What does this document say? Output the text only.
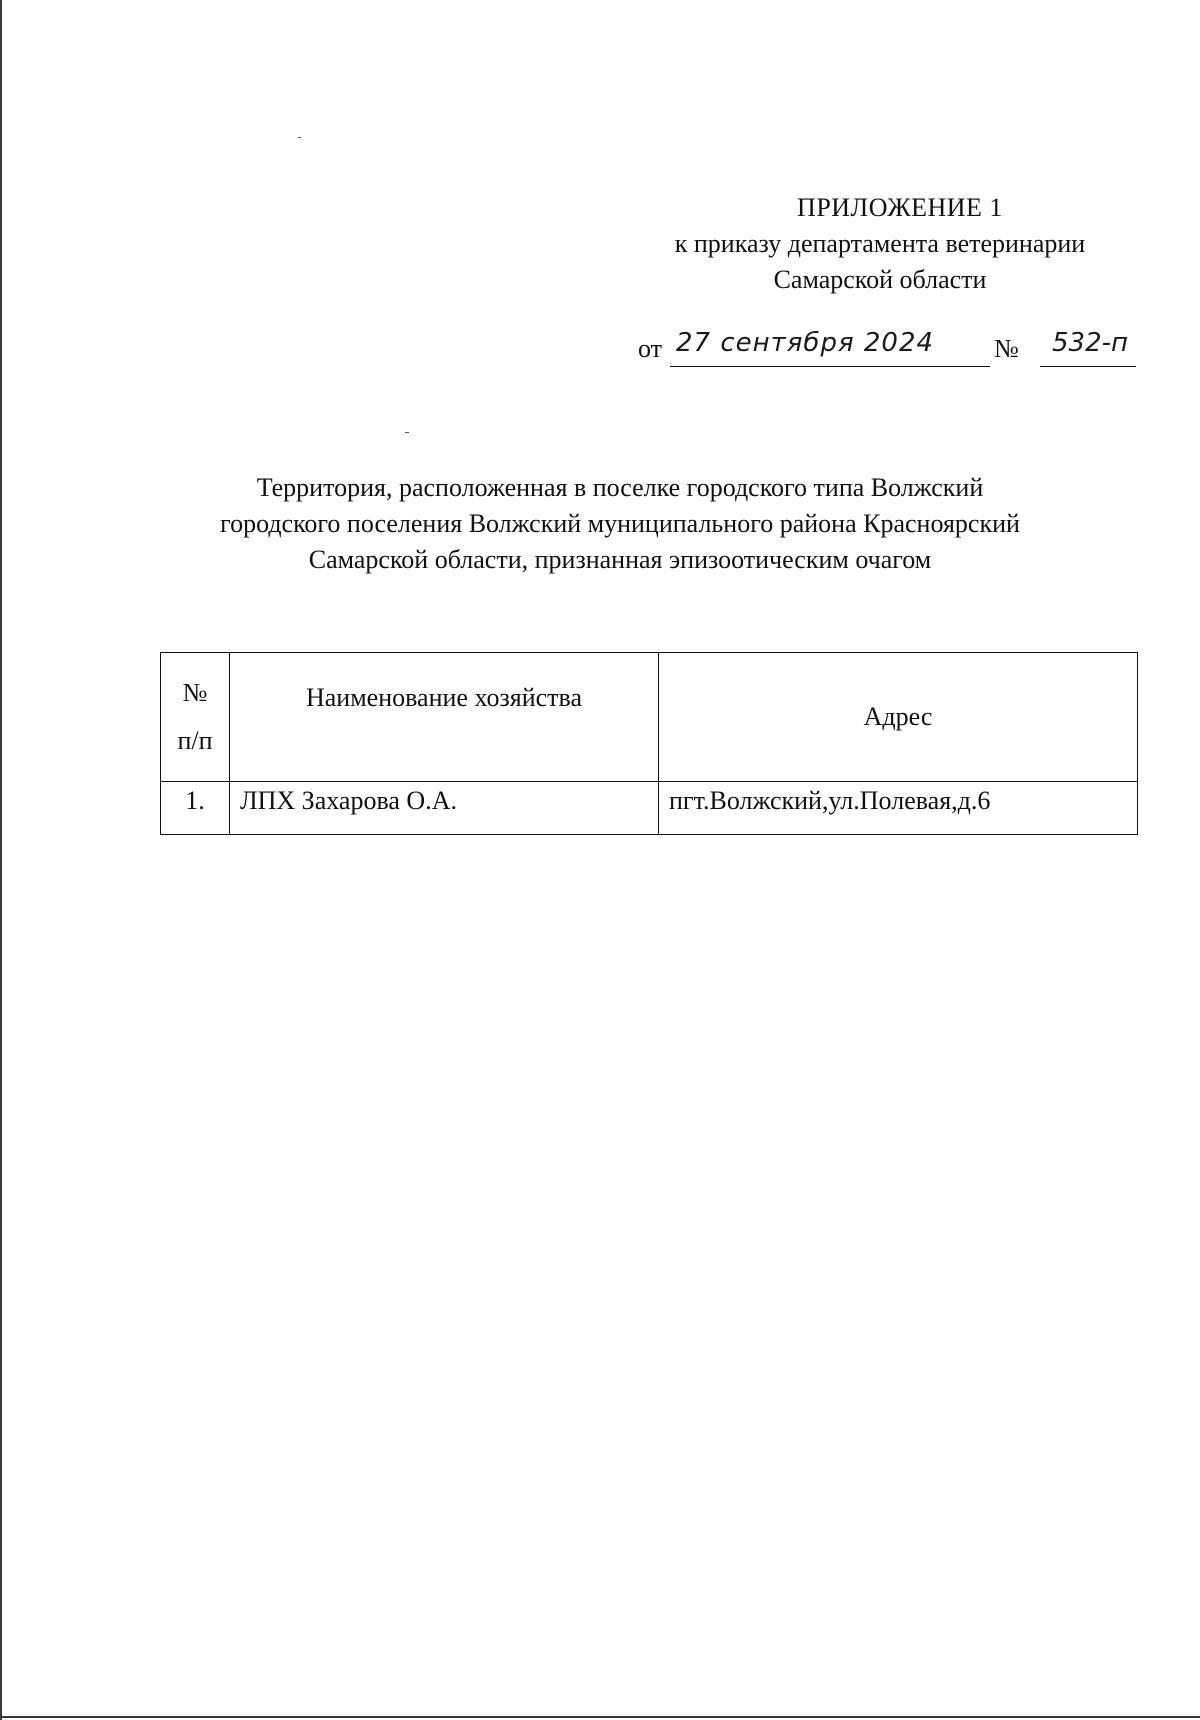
ПРИЛОЖЕНИЕ 1
к приказу департамента ветеринарии
Самарской области
от 27 сентября 2024 № 532-п
Территория, расположенная в поселке городского типа Волжский
городского поселения Волжский муниципального района Красноярский
Самарской области, признанная эпизоотическим очагом
№
п/п	Наименование хозяйства	Адрес
1.	ЛПХ Захарова О.А.	пгт.Волжский,ул.Полевая,д.6
